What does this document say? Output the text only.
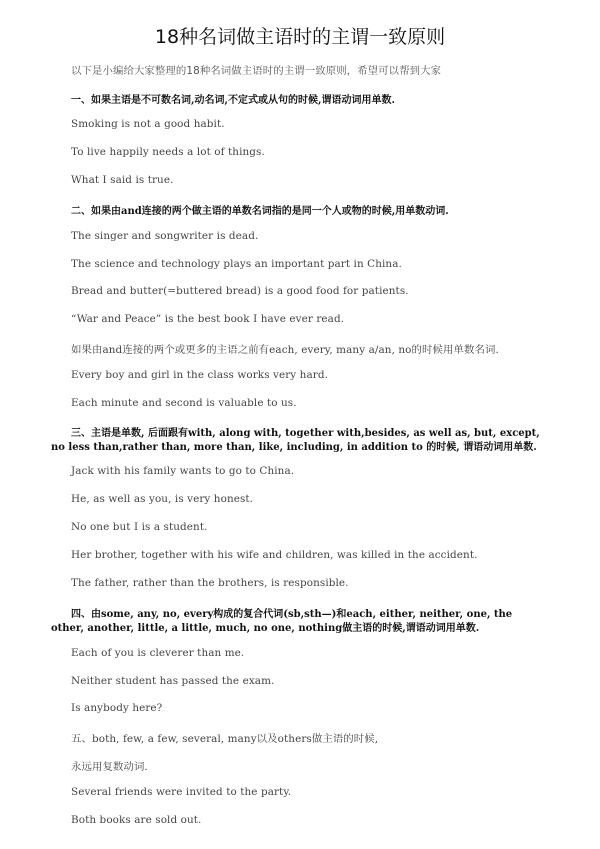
18种名词做主语时的主谓一致原则
以下是小编给大家整理的18种名词做主语时的主谓一致原则，希望可以帮到大家
一、如果主语是不可数名词,动名词,不定式或从句的时候,谓语动词用单数.
Smoking is not a good habit.
To live happily needs a lot of things.
What I said is true.
二、如果由and连接的两个做主语的单数名词指的是同一个人或物的时候,用单数动词.
The singer and songwriter is dead.
The science and technology plays an important part in China.
Bread and butter(=buttered bread) is a good food for patients.
“War and Peace” is the best book I have ever read.
如果由and连接的两个或更多的主语之前有each, every, many a/an, no的时候用单数名词.
Every boy and girl in the class works very hard.
Each minute and second is valuable to us.
三、主语是单数, 后面跟有with, along with, together with,besides, as well as, but, except,
no less than,rather than, more than, like, including, in addition to 的时候, 谓语动词用单数.
Jack with his family wants to go to China.
He, as well as you, is very honest.
No one but I is a student.
Her brother, together with his wife and children, was killed in the accident.
The father, rather than the brothers, is responsible.
四、由some, any, no, every构成的复合代词(sb,sth—)和each, either, neither, one, the
other, another, little, a little, much, no one, nothing做主语的时候,谓语动词用单数.
Each of you is cleverer than me.
Neither student has passed the exam.
Is anybody here?
五、both, few, a few, several, many以及others做主语的时候,
永远用复数动词.
Several friends were invited to the party.
Both books are sold out.
